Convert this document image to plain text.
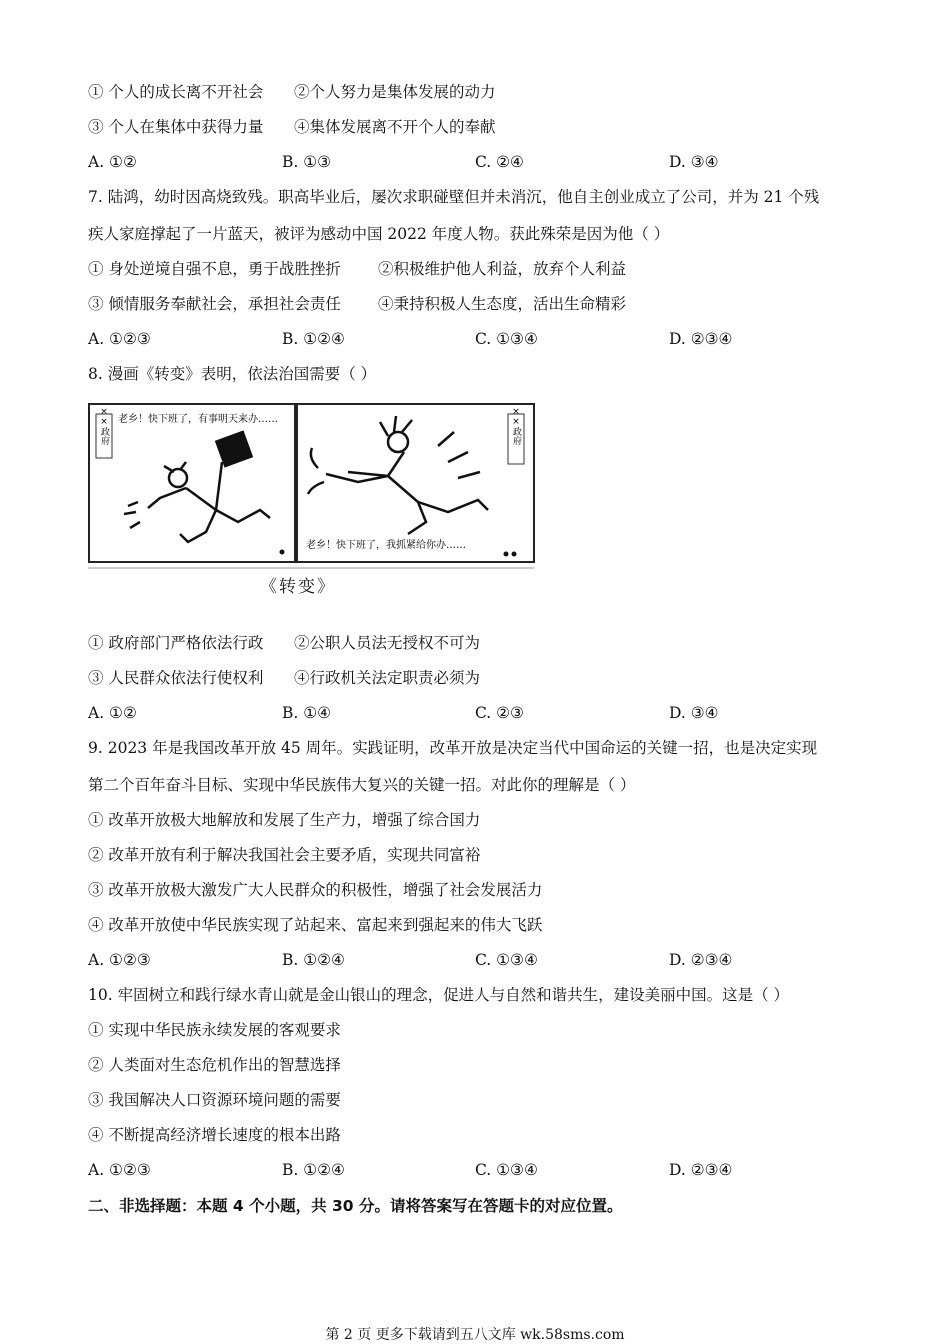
① 个人的成长离不开社会 ②个人努力是集体发展的动力
③ 个人在集体中获得力量 ④集体发展离不开个人的奉献
A. ①②	B. ①③	C. ②④	D. ③④
7. 陆鸿，幼时因高烧致残。职高毕业后，屡次求职碰壁但并未消沉，他自主创业成立了公司，并为 21 个残
疾人家庭撑起了一片蓝天，被评为感动中国 2022 年度人物。获此殊荣是因为他（ ）
① 身处逆境自强不息，勇于战胜挫折 ②积极维护他人利益，放弃个人利益
③ 倾情服务奉献社会，承担社会责任 ④秉持积极人生态度，活出生命精彩
A. ①②③	B. ①②④	C. ①③④	D. ②③④
8. 漫画《转变》表明，依法治国需要（ ）
××政府 老乡！快下班了，有事明天来办……	××政府
老乡！快下班了，我抓紧给你办……
《转变》
① 政府部门严格依法行政 ②公职人员法无授权不可为
③ 人民群众依法行使权利 ④行政机关法定职责必须为
A. ①②	B. ①④	C. ②③	D. ③④
9. 2023 年是我国改革开放 45 周年。实践证明，改革开放是决定当代中国命运的关键一招，也是决定实现
第二个百年奋斗目标、实现中华民族伟大复兴的关键一招。对此你的理解是（ ）
① 改革开放极大地解放和发展了生产力，增强了综合国力
② 改革开放有利于解决我国社会主要矛盾，实现共同富裕
③ 改革开放极大激发广大人民群众的积极性，增强了社会发展活力
④ 改革开放使中华民族实现了站起来、富起来到强起来的伟大飞跃
A. ①②③	B. ①②④	C. ①③④	D. ②③④
10. 牢固树立和践行绿水青山就是金山银山的理念，促进人与自然和谐共生，建设美丽中国。这是（ ）
① 实现中华民族永续发展的客观要求
② 人类面对生态危机作出的智慧选择
③ 我国解决人口资源环境问题的需要
④ 不断提高经济增长速度的根本出路
A. ①②③	B. ①②④	C. ①③④	D. ②③④
二、非选择题：本题 4 个小题，共 30 分。请将答案写在答题卡的对应位置。
第 2 页 更多下载请到五八文库 wk.58sms.com
